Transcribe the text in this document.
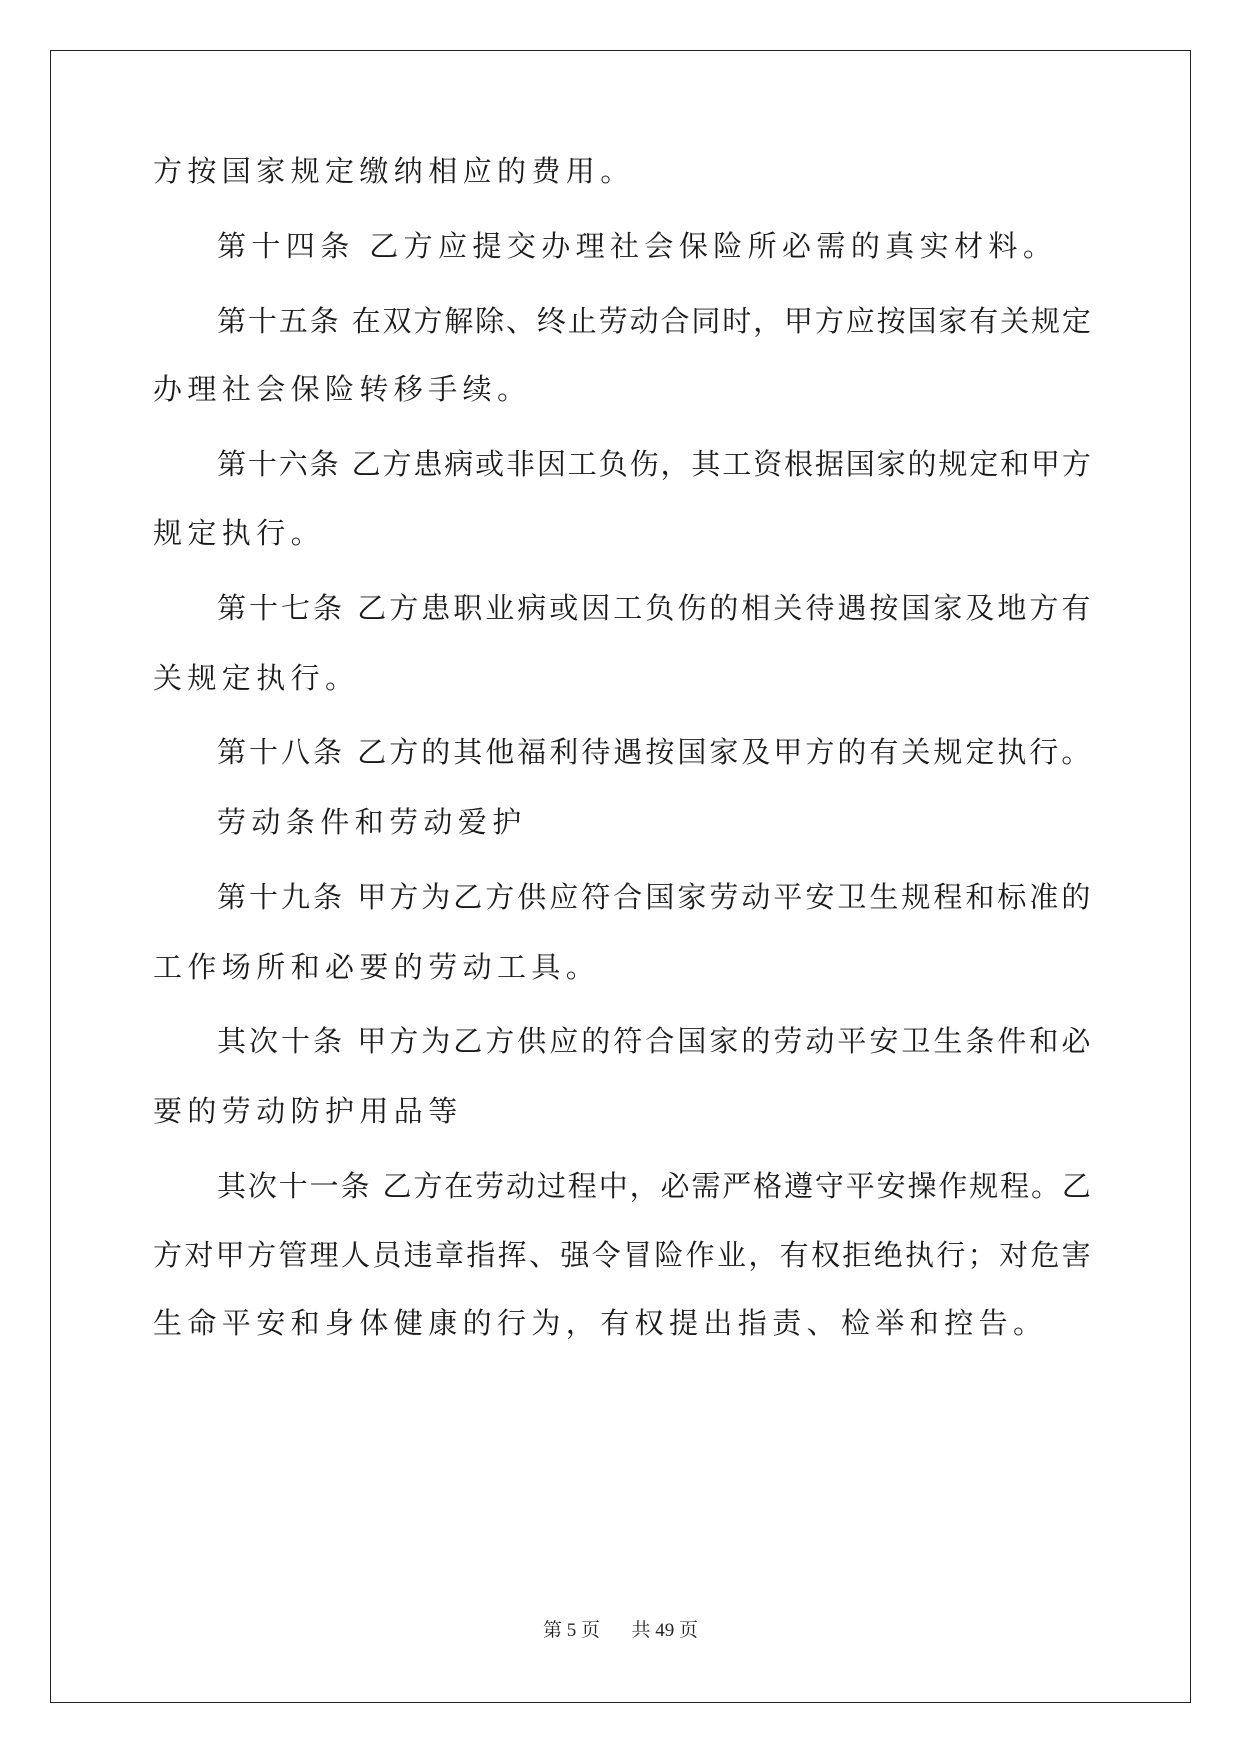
方按国家规定缴纳相应的费用。
第十四条 乙方应提交办理社会保险所必需的真实材料。
第十五条 在双方解除、终止劳动合同时，甲方应按国家有关规定
办理社会保险转移手续。
第十六条 乙方患病或非因工负伤，其工资根据国家的规定和甲方
规定执行。
第十七条 乙方患职业病或因工负伤的相关待遇按国家及地方有
关规定执行。
第十八条 乙方的其他福利待遇按国家及甲方的有关规定执行。
劳动条件和劳动爱护
第十九条 甲方为乙方供应符合国家劳动平安卫生规程和标准的
工作场所和必要的劳动工具。
其次十条 甲方为乙方供应的符合国家的劳动平安卫生条件和必
要的劳动防护用品等
其次十一条 乙方在劳动过程中，必需严格遵守平安操作规程。乙
方对甲方管理人员违章指挥、强令冒险作业，有权拒绝执行；对危害
生命平安和身体健康的行为，有权提出指责、检举和控告。
第 5 页 共 49 页
